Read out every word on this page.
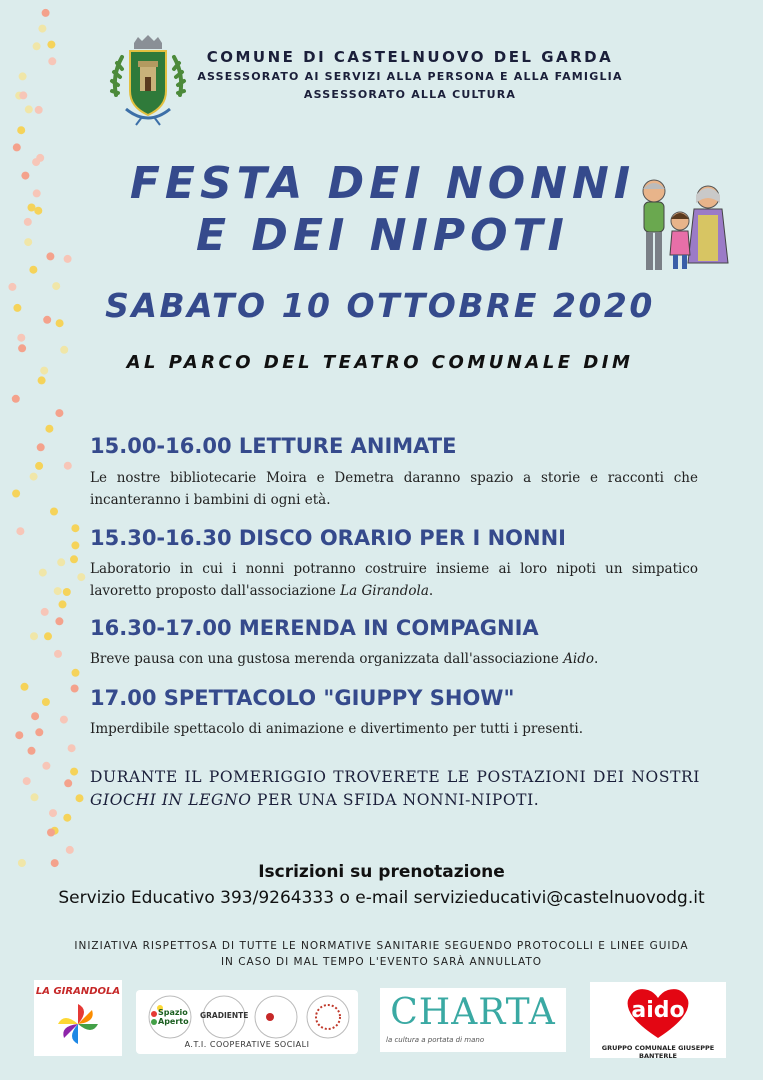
COMUNE DI CASTELNUOVO DEL GARDA
ASSESSORATO AI SERVIZI ALLA PERSONA E ALLA FAMIGLIA
ASSESSORATO ALLA CULTURA
FESTA DEI NONNI
E DEI NIPOTI
SABATO 10 OTTOBRE 2020
AL PARCO DEL TEATRO COMUNALE DIM
15.00-16.00 LETTURE ANIMATE
Le nostre bibliotecarie Moira e Demetra daranno spazio a storie e racconti che incanteranno i bambini di ogni età.
15.30-16.30 DISCO ORARIO PER I NONNI
Laboratorio in cui i nonni potranno costruire insieme ai loro nipoti un simpatico lavoretto proposto dall'associazione La Girandola.
16.30-17.00 MERENDA IN COMPAGNIA
Breve pausa con una gustosa merenda organizzata dall'associazione Aido.
17.00 SPETTACOLO "GIUPPY SHOW"
Imperdibile spettacolo di animazione e divertimento per tutti i presenti.
DURANTE IL POMERIGGIO TROVERETE LE POSTAZIONI DEI NOSTRI GIOCHI IN LEGNO PER UNA SFIDA NONNI-NIPOTI.
Iscrizioni su prenotazione
Servizio Educativo 393/9264333 o e-mail servizieducativi@castelnuovodg.it
INIZIATIVA RISPETTOSA DI TUTTE LE NORMATIVE SANITARIE SEGUENDO PROTOCOLLI E LINEE GUIDA
IN CASO DI MAL TEMPO L'EVENTO SARÀ ANNULLATO
LA GIRANDOLA
Spazio Aperto
GRADIENTE
A.T.I. COOPERATIVE SOCIALI
CHARTA
la cultura a portata di mano
aido
GRUPPO COMUNALE GIUSEPPE BANTERLE
